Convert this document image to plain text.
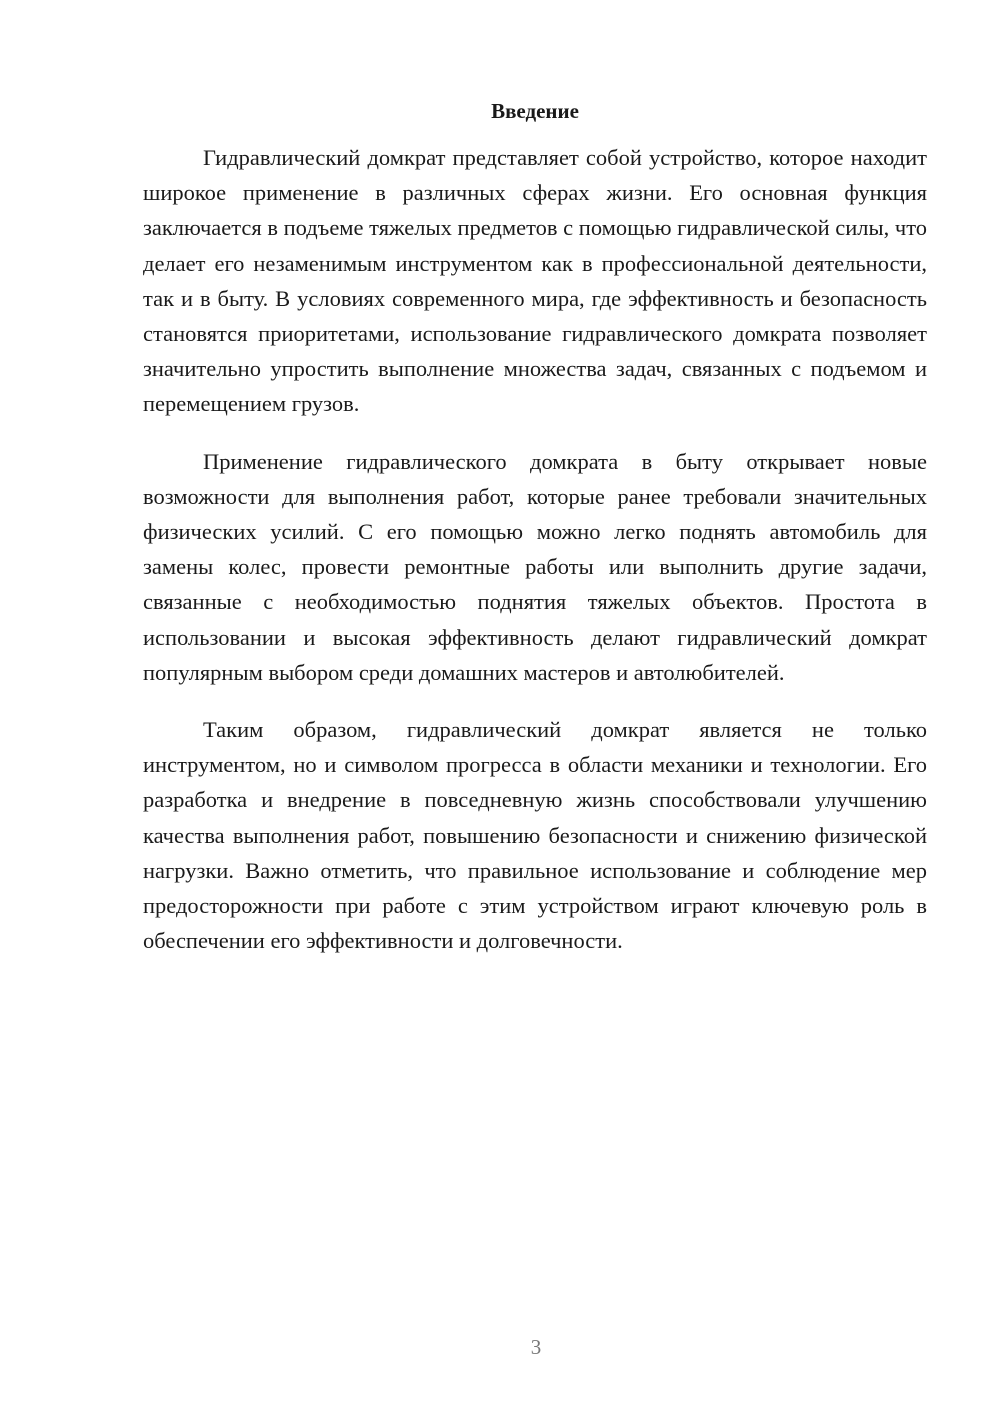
Введение

Гидравлический домкрат представляет собой устройство, которое находит широкое применение в различных сферах жизни. Его основная функция заключается в подъеме тяжелых предметов с помощью гидравлической силы, что делает его незаменимым инструментом как в профессиональной деятельности, так и в быту. В условиях современного мира, где эффективность и безопасность становятся приоритетами, использование гидравлического домкрата позволяет значительно упростить выполнение множества задач, связанных с подъемом и перемещением грузов.

Применение гидравлического домкрата в быту открывает новые возможности для выполнения работ, которые ранее требовали значительных физических усилий. С его помощью можно легко поднять автомобиль для замены колес, провести ремонтные работы или выполнить другие задачи, связанные с необходимостью поднятия тяжелых объектов. Простота в использовании и высокая эффективность делают гидравлический домкрат популярным выбором среди домашних мастеров и автолюбителей.

Таким образом, гидравлический домкрат является не только инструментом, но и символом прогресса в области механики и технологии. Его разработка и внедрение в повседневную жизнь способствовали улучшению качества выполнения работ, повышению безопасности и снижению физической нагрузки. Важно отметить, что правильное использование и соблюдение мер предосторожности при работе с этим устройством играют ключевую роль в обеспечении его эффективности и долговечности.

3
